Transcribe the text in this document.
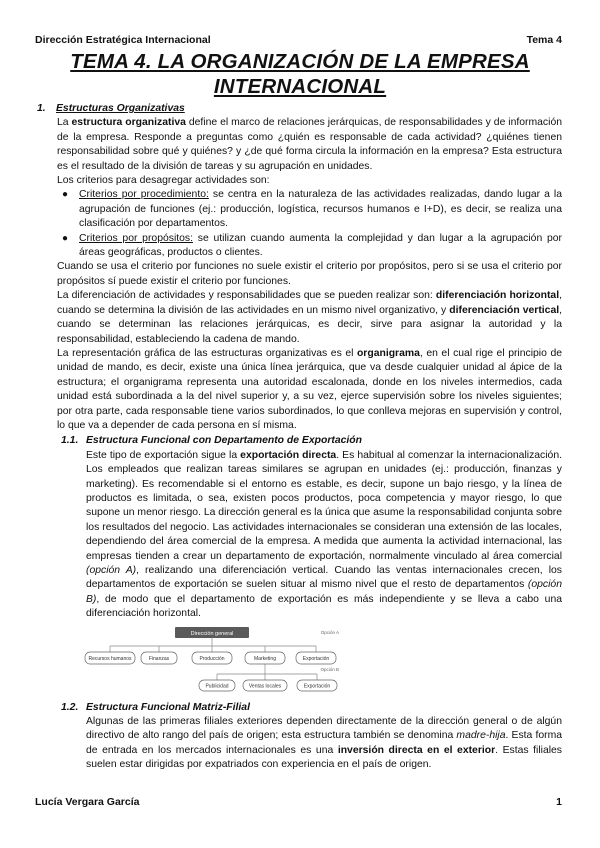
Dirección Estratégica Internacional	Tema 4
TEMA 4. LA ORGANIZACIÓN DE LA EMPRESA
INTERNACIONAL

1. Estructuras Organizativas

La estructura organizativa define el marco de relaciones jerárquicas, de responsabilidades y de información de la empresa. Responde a preguntas como ¿quién es responsable de cada actividad? ¿quiénes tienen responsabilidad sobre qué y quiénes? y ¿de qué forma circula la información en la empresa? Esta estructura es el resultado de la división de tareas y su agrupación en unidades.

Los criterios para desagregar actividades son:

● Criterios por procedimiento: se centra en la naturaleza de las actividades realizadas, dando lugar a la agrupación de funciones (ej.: producción, logística, recursos humanos e I+D), es decir, se realiza una clasificación por departamentos.
● Criterios por propósitos: se utilizan cuando aumenta la complejidad y dan lugar a la agrupación por áreas geográficas, productos o clientes.

Cuando se usa el criterio por funciones no suele existir el criterio por propósitos, pero si se usa el criterio por propósitos sí puede existir el criterio por funciones.

La diferenciación de actividades y responsabilidades que se pueden realizar son: diferenciación horizontal, cuando se determina la división de las actividades en un mismo nivel organizativo, y diferenciación vertical, cuando se determinan las relaciones jerárquicas, es decir, sirve para asignar la autoridad y la responsabilidad, estableciendo la cadena de mando.

La representación gráfica de las estructuras organizativas es el organigrama, en el cual rige el principio de unidad de mando, es decir, existe una única línea jerárquica, que va desde cualquier unidad al ápice de la estructura; el organigrama representa una autoridad escalonada, donde en los niveles intermedios, cada unidad está subordinada a la del nivel superior y, a su vez, ejerce supervisión sobre los niveles siguientes; por otra parte, cada responsable tiene varios subordinados, lo que conlleva mejoras en supervisión y control, lo que va a depender de cada persona en sí misma.

1.1. Estructura Funcional con Departamento de Exportación

Este tipo de exportación sigue la exportación directa. Es habitual al comenzar la internacionalización. Los empleados que realizan tareas similares se agrupan en unidades (ej.: producción, finanzas y marketing). Es recomendable si el entorno es estable, es decir, supone un bajo riesgo, y la línea de productos es limitada, o sea, existen pocos productos, poca competencia y mayor riesgo, lo que supone un menor riesgo. La dirección general es la única que asume la responsabilidad conjunta sobre los resultados del negocio. Las actividades internacionales se consideran una extensión de las locales, dependiendo del área comercial de la empresa. A medida que aumenta la actividad internacional, las empresas tienden a crear un departamento de exportación, normalmente vinculado al área comercial (opción A), realizando una diferenciación vertical. Cuando las ventas internacionales crecen, los departamentos de exportación se suelen situar al mismo nivel que el resto de departamentos (opción B), de modo que el departamento de exportación es más independiente y se lleva a cabo una diferenciación horizontal.

Dirección general
Recursos humanos	Finanzas	Producción	Marketing	Exportación
Publicidad	Ventas locales	Exportación
Opción A
Opción B

1.2. Estructura Funcional Matriz-Filial

Algunas de las primeras filiales exteriores dependen directamente de la dirección general o de algún directivo de alto rango del país de origen; esta estructura también se denomina madre-hija. Esta forma de entrada en los mercados internacionales es una inversión directa en el exterior. Estas filiales suelen estar dirigidas por expatriados con experiencia en el país de origen.

Lucía Vergara García	1
